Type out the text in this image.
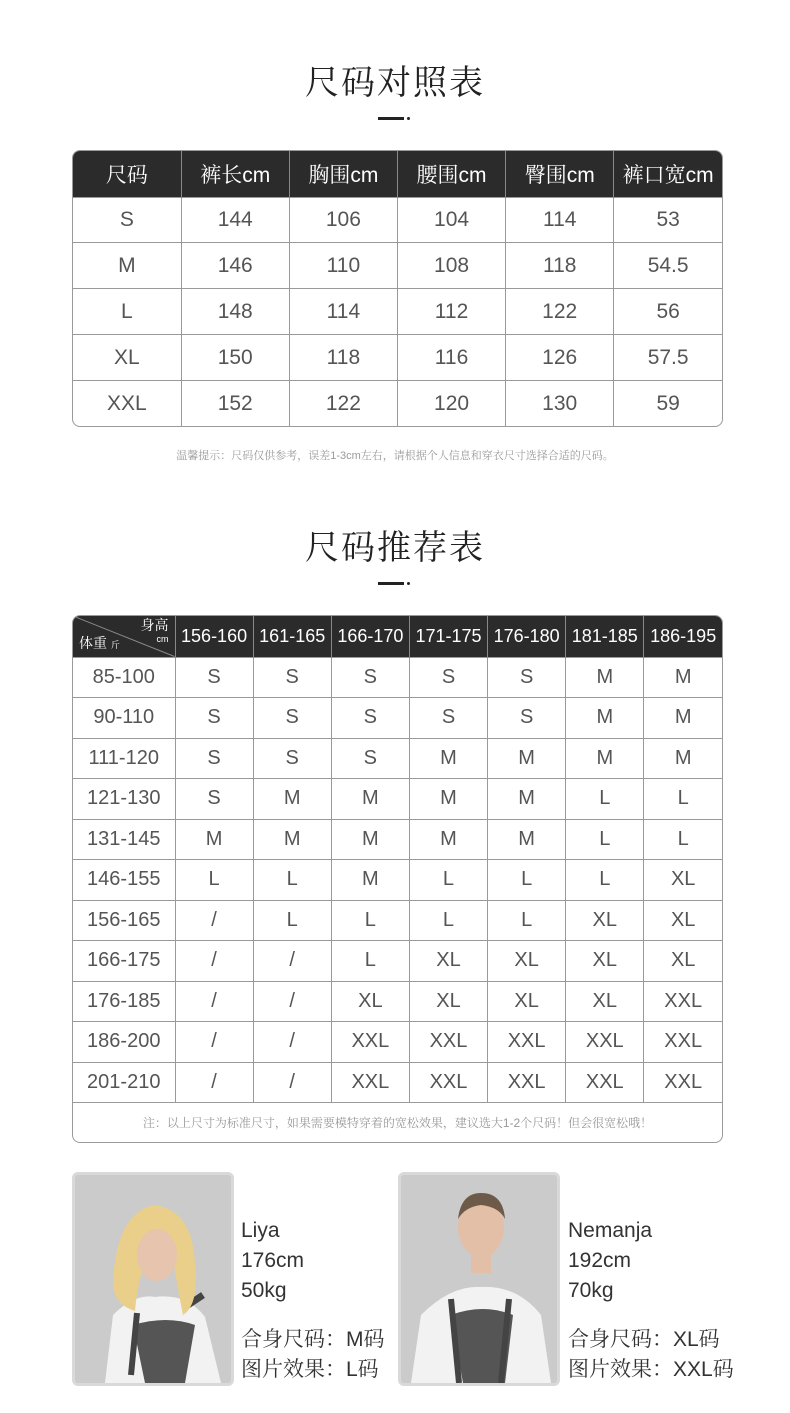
尺码对照表
尺码	裤长cm	胸围cm	腰围cm	臀围cm	裤口宽cm
S	144	106	104	114	53
M	146	110	108	118	54.5
L	148	114	112	122	56
XL	150	118	116	126	57.5
XXL	152	122	120	130	59
温馨提示：尺码仅供参考，误差1-3cm左右，请根据个人信息和穿衣尺寸选择合适的尺码。
尺码推荐表
身高
cm
体重 斤	156-160	161-165	166-170	171-175	176-180	181-185	186-195
85-100	S	S	S	S	S	M	M
90-110	S	S	S	S	S	M	M
111-120	S	S	S	M	M	M	M
121-130	S	M	M	M	M	L	L
131-145	M	M	M	M	M	L	L
146-155	L	L	M	L	L	L	XL
156-165	/	L	L	L	L	XL	XL
166-175	/	/	L	XL	XL	XL	XL
176-185	/	/	XL	XL	XL	XL	XXL
186-200	/	/	XXL	XXL	XXL	XXL	XXL
201-210	/	/	XXL	XXL	XXL	XXL	XXL
注：以上尺寸为标准尺寸，如果需要模特穿着的宽松效果，建议选大1-2个尺码！但会很宽松哦！
Liya
176cm
50kg
合身尺码：M码
图片效果：L码
Nemanja
192cm
70kg
合身尺码：XL码
图片效果：XXL码
